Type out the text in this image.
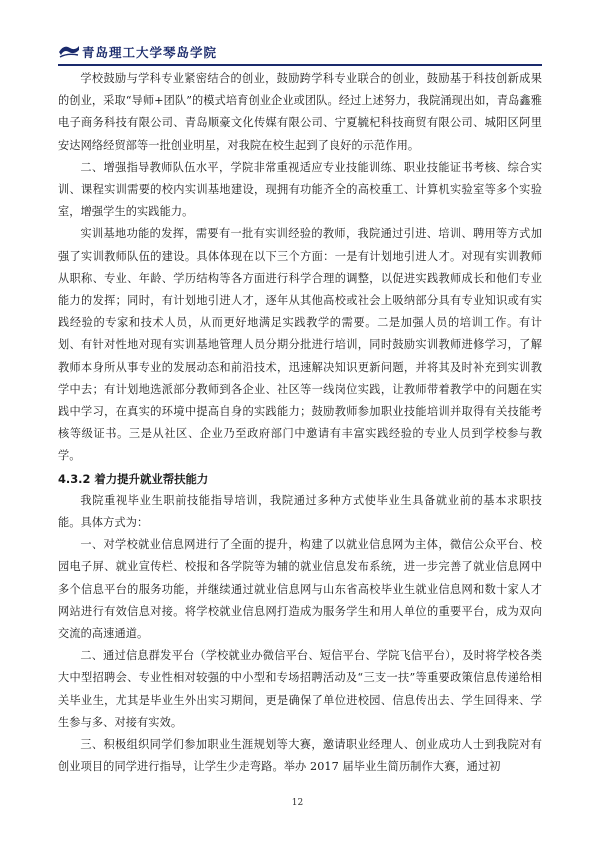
青岛理工大学琴岛学院

学校鼓励与学科专业紧密结合的创业，鼓励跨学科专业联合的创业，鼓励基于科技创新成果的创业，采取“导师+团队”的模式培育创业企业或团队。经过上述努力，我院涌现出如，青岛鑫雅电子商务科技有限公司、青岛顺豪文化传媒有限公司、宁夏毓杞科技商贸有限公司、城阳区阿里安达网络经贸部等一批创业明星，对我院在校生起到了良好的示范作用。

二、增强指导教师队伍水平，学院非常重视适应专业技能训练、职业技能证书考核、综合实训、课程实训需要的校内实训基地建设，现拥有功能齐全的高校重工、计算机实验室等多个实验室，增强学生的实践能力。

实训基地功能的发挥，需要有一批有实训经验的教师，我院通过引进、培训、聘用等方式加强了实训教师队伍的建设。具体体现在以下三个方面：一是有计划地引进人才。对现有实训教师从职称、专业、年龄、学历结构等各方面进行科学合理的调整，以促进实践教师成长和他们专业能力的发挥；同时，有计划地引进人才，逐年从其他高校或社会上吸纳部分具有专业知识或有实践经验的专家和技术人员，从而更好地满足实践教学的需要。二是加强人员的培训工作。有计划、有针对性地对现有实训基地管理人员分期分批进行培训，同时鼓励实训教师进修学习，了解教师本身所从事专业的发展动态和前沿技术，迅速解决知识更新问题，并将其及时补充到实训教学中去；有计划地选派部分教师到各企业、社区等一线岗位实践，让教师带着教学中的问题在实践中学习，在真实的环境中提高自身的实践能力；鼓励教师参加职业技能培训并取得有关技能考核等级证书。三是从社区、企业乃至政府部门中邀请有丰富实践经验的专业人员到学校参与教学。

4.3.2 着力提升就业帮扶能力

我院重视毕业生职前技能指导培训，我院通过多种方式使毕业生具备就业前的基本求职技能。具体方式为：

一、对学校就业信息网进行了全面的提升，构建了以就业信息网为主体，微信公众平台、校园电子屏、就业宣传栏、校报和各学院等为辅的就业信息发布系统，进一步完善了就业信息网中多个信息平台的服务功能，并继续通过就业信息网与山东省高校毕业生就业信息网和数十家人才网站进行有效信息对接。将学校就业信息网打造成为服务学生和用人单位的重要平台，成为双向交流的高速通道。

二、通过信息群发平台（学校就业办微信平台、短信平台、学院飞信平台），及时将学校各类大中型招聘会、专业性相对较强的中小型和专场招聘活动及“三支一扶”等重要政策信息传递给相关毕业生，尤其是毕业生外出实习期间，更是确保了单位进校园、信息传出去、学生回得来、学生参与多、对接有实效。

三、积极组织同学们参加职业生涯规划等大赛，邀请职业经理人、创业成功人士到我院对有创业项目的同学进行指导，让学生少走弯路。举办 2017 届毕业生简历制作大赛，通过初

12
